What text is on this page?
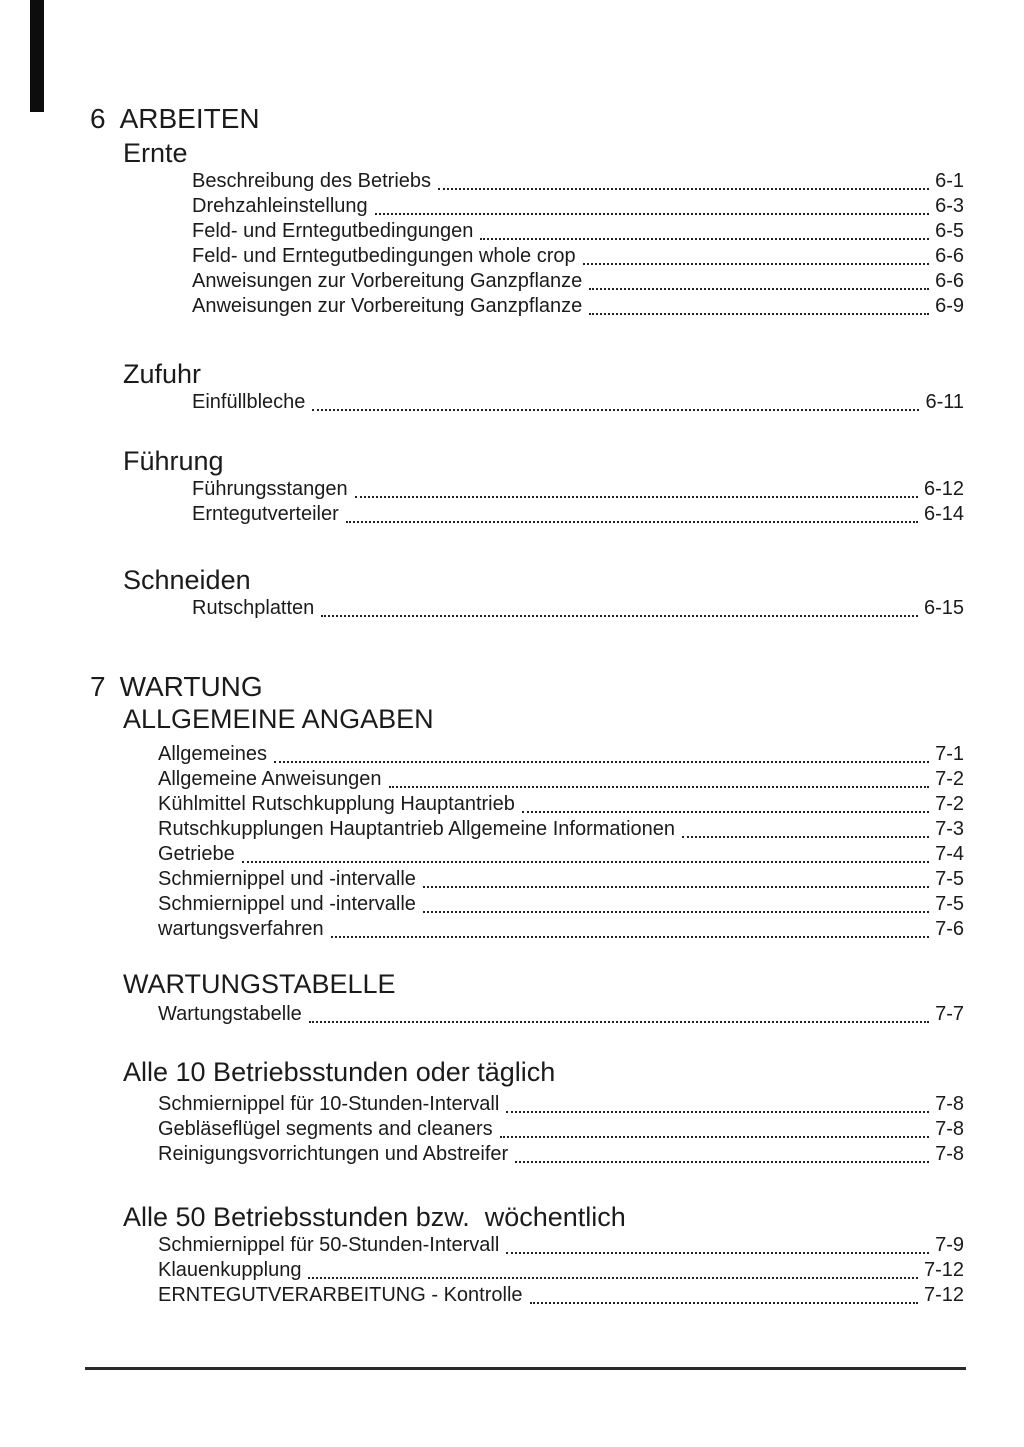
6 ARBEITEN
Ernte
Beschreibung des Betriebs	6-1
Drehzahleinstellung	6-3
Feld- und Erntegutbedingungen	6-5
Feld- und Erntegutbedingungen whole crop	6-6
Anweisungen zur Vorbereitung Ganzpflanze	6-6
Anweisungen zur Vorbereitung Ganzpflanze	6-9
Zufuhr
Einfüllbleche	6-11
Führung
Führungsstangen	6-12
Erntegutverteiler	6-14
Schneiden
Rutschplatten	6-15
7 WARTUNG
ALLGEMEINE ANGABEN
Allgemeines	7-1
Allgemeine Anweisungen	7-2
Kühlmittel Rutschkupplung Hauptantrieb	7-2
Rutschkupplungen Hauptantrieb Allgemeine Informationen	7-3
Getriebe	7-4
Schmiernippel und -intervalle	7-5
Schmiernippel und -intervalle	7-5
wartungsverfahren	7-6
WARTUNGSTABELLE
Wartungstabelle	7-7
Alle 10 Betriebsstunden oder täglich
Schmiernippel für 10-Stunden-Intervall	7-8
Gebläseflügel segments and cleaners	7-8
Reinigungsvorrichtungen und Abstreifer	7-8
Alle 50 Betriebsstunden bzw.  wöchentlich
Schmiernippel für 50-Stunden-Intervall	7-9
Klauenkupplung	7-12
ERNTEGUTVERARBEITUNG - Kontrolle	7-12
